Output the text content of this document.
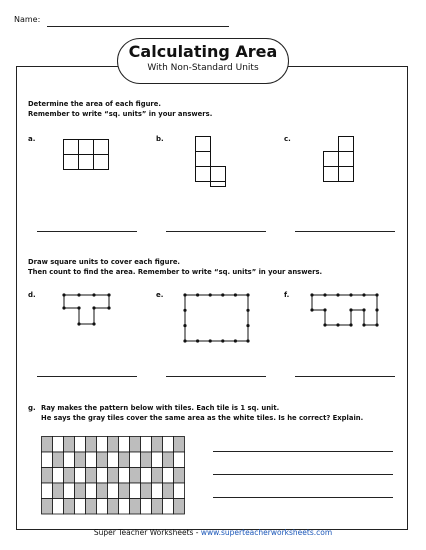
Name:
Calculating Area
With Non-Standard Units
Determine the area of each figure.
Remember to write “sq. units” in your answers.
a.	b.	c.
Draw square units to cover each figure.
Then count to find the area. Remember to write “sq. units” in your answers.
d.	e.	f.
g. Ray makes the pattern below with tiles. Each tile is 1 sq. unit.
He says the gray tiles cover the same area as the white tiles. Is he correct? Explain.
Super Teacher Worksheets - www.superteacherworksheets.com
